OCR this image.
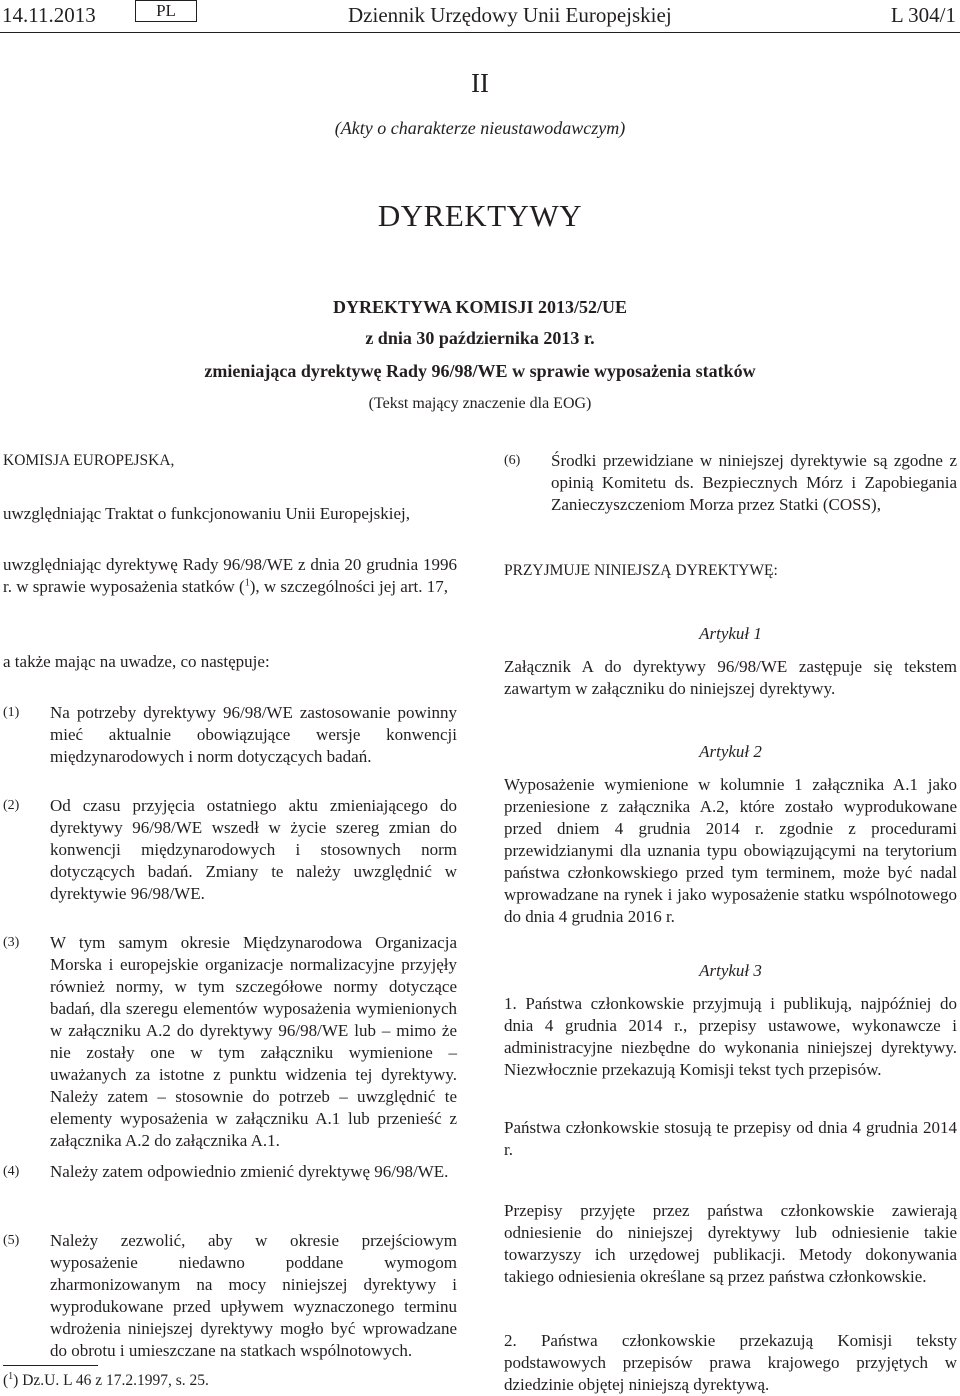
14.11.2013	PL	Dziennik Urzędowy Unii Europejskiej	L 304/1
II
(Akty o charakterze nieustawodawczym)
DYREKTYWY
DYREKTYWA KOMISJI 2013/52/UE
z dnia 30 października 2013 r.
zmieniająca dyrektywę Rady 96/98/WE w sprawie wyposażenia statków
(Tekst mający znaczenie dla EOG)
KOMISJA EUROPEJSKA,
uwzględniając Traktat o funkcjonowaniu Unii Europejskiej,
uwzględniając dyrektywę Rady 96/98/WE z dnia 20 grudnia 1996 r. w sprawie wyposażenia statków ($^1$), w szczególności jej art. 17,
a także mając na uwadze, co następuje:
(1) Na potrzeby dyrektywy 96/98/WE zastosowanie powinny mieć aktualnie obowiązujące wersje konwencji międzynarodowych i norm dotyczących badań.
(2) Od czasu przyjęcia ostatniego aktu zmieniającego do dyrektywy 96/98/WE wszedł w życie szereg zmian do konwencji międzynarodowych i stosownych norm dotyczących badań. Zmiany te należy uwzględnić w dyrektywie 96/98/WE.
(3) W tym samym okresie Międzynarodowa Organizacja Morska i europejskie organizacje normalizacyjne przyjęły również normy, w tym szczegółowe normy dotyczące badań, dla szeregu elementów wyposażenia wymienionych w załączniku A.2 do dyrektywy 96/98/WE lub – mimo że nie zostały one w tym załączniku wymienione – uważanych za istotne z punktu widzenia tej dyrektywy. Należy zatem – stosownie do potrzeb – uwzględnić te elementy wyposażenia w załączniku A.1 lub przenieść z załącznika A.2 do załącznika A.1.
(4) Należy zatem odpowiednio zmienić dyrektywę 96/98/WE.
(5) Należy zezwolić, aby w okresie przejściowym wyposażenie niedawno poddane wymogom zharmonizowanym na mocy niniejszej dyrektywy i wyprodukowane przed upływem wyznaczonego terminu wdrożenia niniejszej dyrektywy mogło być wprowadzane do obrotu i umieszczane na statkach wspólnotowych.
($^1$) Dz.U. L 46 z 17.2.1997, s. 25.
(6) Środki przewidziane w niniejszej dyrektywie są zgodne z opinią Komitetu ds. Bezpiecznych Mórz i Zapobiegania Zanieczyszczeniom Morza przez Statki (COSS),
PRZYJMUJE NINIEJSZĄ DYREKTYWĘ:
Artykuł 1
Załącznik A do dyrektywy 96/98/WE zastępuje się tekstem zawartym w załączniku do niniejszej dyrektywy.
Artykuł 2
Wyposażenie wymienione w kolumnie 1 załącznika A.1 jako przeniesione z załącznika A.2, które zostało wyprodukowane przed dniem 4 grudnia 2014 r. zgodnie z procedurami przewidzianymi dla uznania typu obowiązującymi na terytorium państwa członkowskiego przed tym terminem, może być nadal wprowadzane na rynek i jako wyposażenie statku wspólnotowego do dnia 4 grudnia 2016 r.
Artykuł 3
1. Państwa członkowskie przyjmują i publikują, najpóźniej do dnia 4 grudnia 2014 r., przepisy ustawowe, wykonawcze i administracyjne niezbędne do wykonania niniejszej dyrektywy. Niezwłocznie przekazują Komisji tekst tych przepisów.
Państwa członkowskie stosują te przepisy od dnia 4 grudnia 2014 r.
Przepisy przyjęte przez państwa członkowskie zawierają odniesienie do niniejszej dyrektywy lub odniesienie takie towarzyszy ich urzędowej publikacji. Metody dokonywania takiego odniesienia określane są przez państwa członkowskie.
2. Państwa członkowskie przekazują Komisji teksty podstawowych przepisów prawa krajowego przyjętych w dziedzinie objętej niniejszą dyrektywą.
